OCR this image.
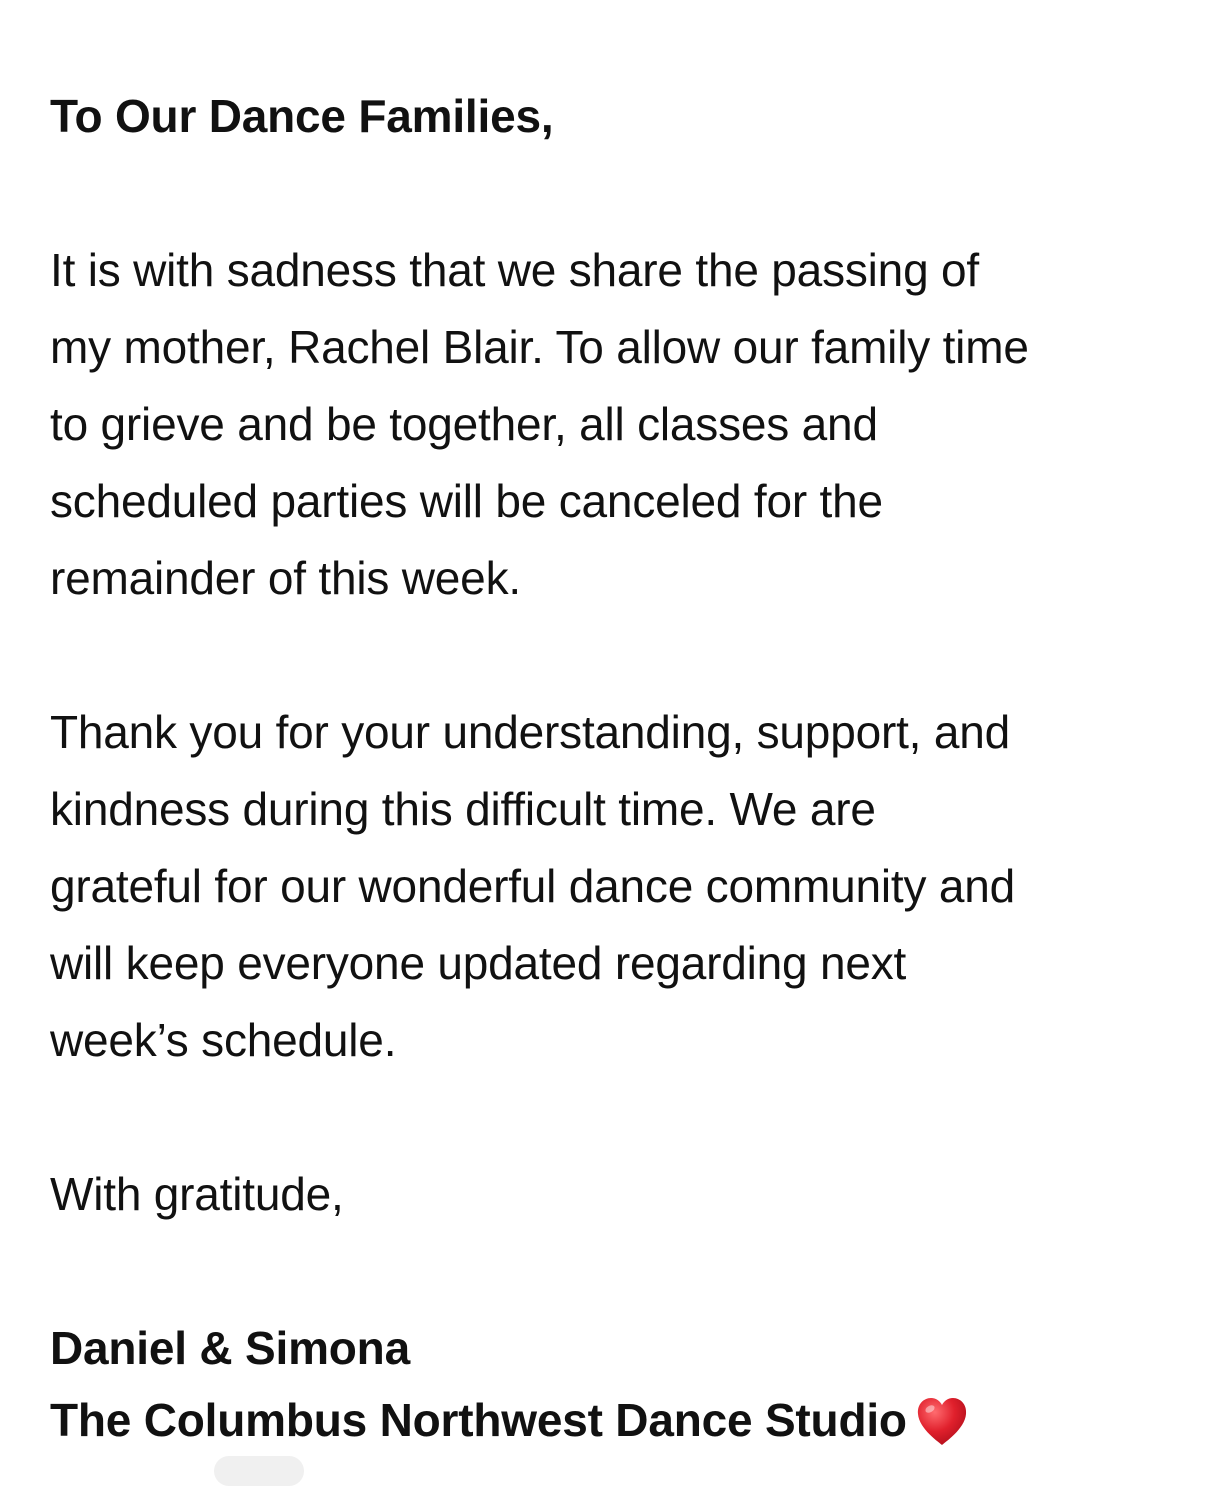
To Our Dance Families,

It is with sadness that we share the passing of
my mother, Rachel Blair. To allow our family time
to grieve and be together, all classes and
scheduled parties will be canceled for the
remainder of this week.

Thank you for your understanding, support, and
kindness during this difficult time. We are
grateful for our wonderful dance community and
will keep everyone updated regarding next
week’s schedule.

With gratitude,

Daniel & Simona
The Columbus Northwest Dance Studio
